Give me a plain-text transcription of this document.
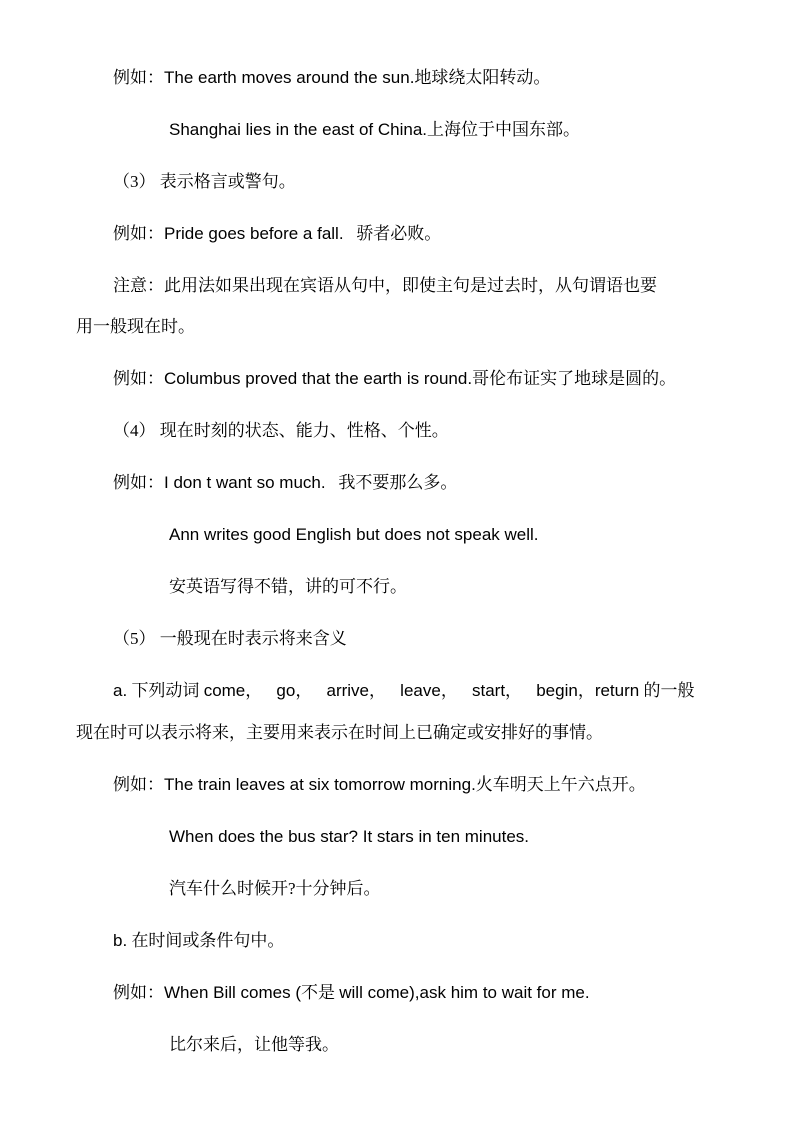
例如：The earth moves around the sun.地球绕太阳转动。
Shanghai lies in the east of China.上海位于中国东部。
（3） 表示格言或警句。
例如：Pride goes before a fall.   骄者必败。
注意：此用法如果出现在宾语从句中，即使主句是过去时，从句谓语也要
用一般现在时。
例如：Columbus proved that the earth is round.哥伦布证实了地球是圆的。
（4） 现在时刻的状态、能力、性格、个性。
例如：I don t want so much.   我不要那么多。
Ann writes good English but does not speak well.
安英语写得不错，讲的可不行。
（5） 一般现在时表示将来含义
a. 下列动词 come，   go，   arrive，   leave，   start，   begin，return 的一般
现在时可以表示将来，主要用来表示在时间上已确定或安排好的事情。
例如：The train leaves at six tomorrow morning.火车明天上午六点开。
When does the bus star? It stars in ten minutes.
汽车什么时候开?十分钟后。
b. 在时间或条件句中。
例如：When Bill comes (不是 will come),ask him to wait for me.
比尔来后，让他等我。
